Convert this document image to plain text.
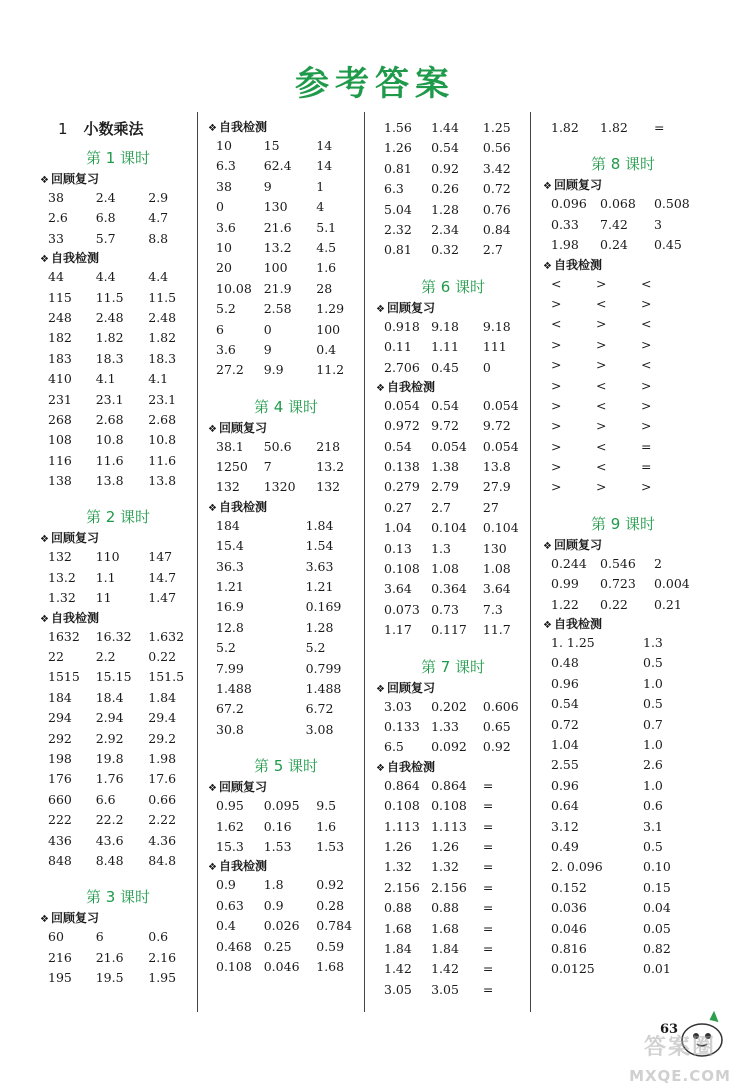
参考答案
1 小数乘法
第 1 课时
❖ 回顾复习
38	2.4	2.9
2.6	6.8	4.7
33	5.7	8.8
❖ 自我检测
44	4.4	4.4
115	11.5	11.5
248	2.48	2.48
182	1.82	1.82
183	18.3	18.3
410	4.1	4.1
231	23.1	23.1
268	2.68	2.68
108	10.8	10.8
116	11.6	11.6
138	13.8	13.8
第 2 课时
❖ 回顾复习
132	110	147
13.2	1.1	14.7
1.32	11	1.47
❖ 自我检测
1632	16.32	1.632
22	2.2	0.22
1515	15.15	151.5
184	18.4	1.84
294	2.94	29.4
292	2.92	29.2
198	19.8	1.98
176	1.76	17.6
660	6.6	0.66
222	22.2	2.22
436	43.6	4.36
848	8.48	84.8
第 3 课时
❖ 回顾复习
60	6	0.6
216	21.6	2.16
195	19.5	1.95
❖ 自我检测
10	15	14
6.3	62.4	14
38	9	1
0	130	4
3.6	21.6	5.1
10	13.2	4.5
20	100	1.6
10.08 21.9	28
5.2	2.58	1.29
6	0	100
3.6	9	0.4
27.2	9.9	11.2
第 4 课时
❖ 回顾复习
38.1	50.6	218
1250	7	13.2
132	1320	132
❖ 自我检测
184	1.84
15.4	1.54
36.3	3.63
1.21	1.21
16.9	0.169
12.8	1.28
5.2	5.2
7.99	0.799
1.488	1.488
67.2	6.72
30.8	3.08
第 5 课时
❖ 回顾复习
0.95	0.095	9.5
1.62	0.16	1.6
15.3	1.53	1.53
❖ 自我检测
0.9	1.8	0.92
0.63	0.9	0.28
0.4	0.026	0.784
0.468 0.25	0.59
0.108 0.046	1.68
1.56	1.44	1.25
1.26	0.54	0.56
0.81	0.92	3.42
6.3	0.26	0.72
5.04	1.28	0.76
2.32	2.34	0.84
0.81	0.32	2.7
第 6 课时
❖ 回顾复习
0.918 9.18	9.18
0.11	1.11	111
2.706 0.45	0
❖ 自我检测
0.054 0.54	0.054
0.972 9.72	9.72
0.54	0.054	0.054
0.138 1.38	13.8
0.279 2.79	27.9
0.27	2.7	27
1.04	0.104	0.104
0.13	1.3	130
0.108 1.08	1.08
3.64	0.364	3.64
0.073 0.73	7.3
1.17	0.117	11.7
第 7 课时
❖ 回顾复习
3.03	0.202	0.606
0.133 1.33	0.65
6.5	0.092	0.92
❖ 自我检测
0.864 0.864	=
0.108 0.108	=
1.113 1.113	=
1.26	1.26	=
1.32	1.32	=
2.156 2.156	=
0.88	0.88	=
1.68	1.68	=
1.84	1.84	=
1.42	1.42	=
3.05	3.05	=
1.82	1.82	=
第 8 课时
❖ 回顾复习
0.096	0.068	0.508
0.33	7.42	3
1.98	0.24	0.45
❖ 自我检测
<	>	<
>	<	>
<	>	<
>	>	>
>	>	<
>	<	>
>	<	>
>	>	>
>	<	=
>	<	=
>	>	>
第 9 课时
❖ 回顾复习
0.244	0.546	2
0.99	0.723	0.004
1.22	0.22	0.21
❖ 自我检测
1. 1.25	1.3
0.48	0.5
0.96	1.0
0.54	0.5
0.72	0.7
1.04	1.0
2.55	2.6
0.96	1.0
0.64	0.6
3.12	3.1
0.49	0.5
2. 0.096	0.10
0.152	0.15
0.036	0.04
0.046	0.05
0.816	0.82
0.0125	0.01
63
答案圈
MXQE.COM
